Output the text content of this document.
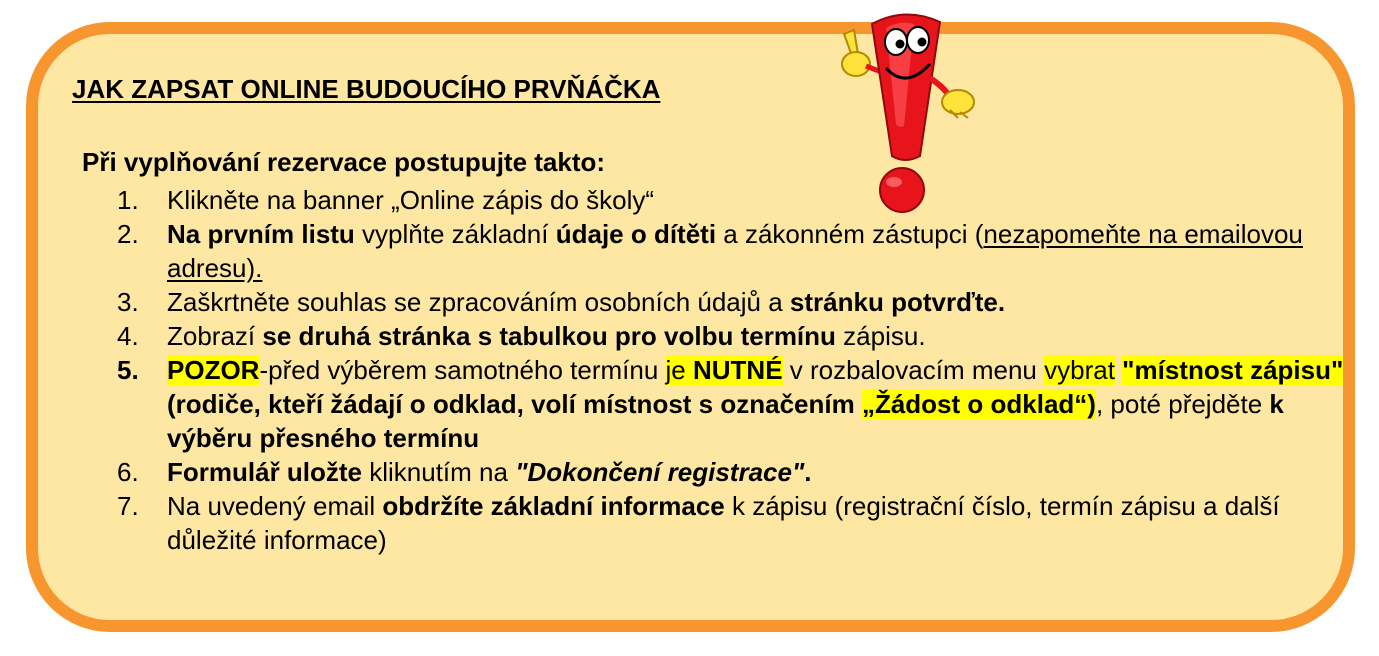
JAK ZAPSAT ONLINE BUDOUCÍHO PRVŇÁČKA

Při vyplňování rezervace postupujte takto:

1.	Klikněte na banner „Online zápis do školy“
2.	Na prvním listu vyplňte základní údaje o dítěti a zákonném zástupci (nezapomeňte na emailovou adresu).
3.	Zaškrtněte souhlas se zpracováním osobních údajů a stránku potvrďte.
4.	Zobrazí se druhá stránka s tabulkou pro volbu termínu zápisu.
5.	POZOR-před výběrem samotného termínu je NUTNÉ v rozbalovacím menu vybrat "místnost zápisu" (rodiče, kteří žádají o odklad, volí místnost s označením „Žádost o odklad“), poté přejděte k výběru přesného termínu
6.	Formulář uložte kliknutím na "Dokončení registrace".
7.	Na uvedený email obdržíte základní informace k zápisu (registrační číslo, termín zápisu a další důležité informace)
